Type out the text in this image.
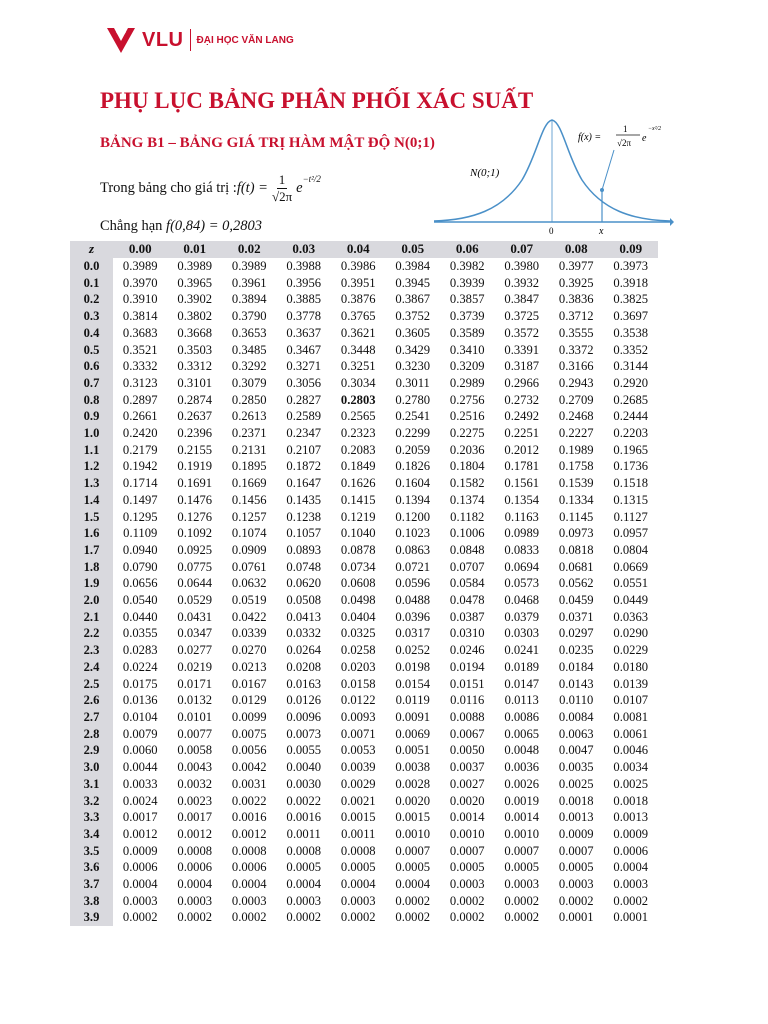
VLU ĐẠI HỌC VĂN LANG
PHỤ LỤC BẢNG PHÂN PHỐI XÁC SUẤT
BẢNG B1 – BẢNG GIÁ TRỊ HÀM MẬT ĐỘ N(0;1)
Trong bảng cho giá trị : $f(t) = \frac{1}{√2\pi}$ e
−t²/2
Chẳng hạn f(0,84) = 0,2803
N(0;1)
f(x) =
1
√2π e
−x²/2
0	x
z	0.00	0.01	0.02	0.03	0.04	0.05	0.06	0.07	0.08	0.09
0.0	0.3989	0.3989	0.3989	0.3988	0.3986	0.3984	0.3982	0.3980	0.3977	0.3973
0.1	0.3970	0.3965	0.3961	0.3956	0.3951	0.3945	0.3939	0.3932	0.3925	0.3918
0.2	0.3910	0.3902	0.3894	0.3885	0.3876	0.3867	0.3857	0.3847	0.3836	0.3825
0.3	0.3814	0.3802	0.3790	0.3778	0.3765	0.3752	0.3739	0.3725	0.3712	0.3697
0.4	0.3683	0.3668	0.3653	0.3637	0.3621	0.3605	0.3589	0.3572	0.3555	0.3538
0.5	0.3521	0.3503	0.3485	0.3467	0.3448	0.3429	0.3410	0.3391	0.3372	0.3352
0.6	0.3332	0.3312	0.3292	0.3271	0.3251	0.3230	0.3209	0.3187	0.3166	0.3144
0.7	0.3123	0.3101	0.3079	0.3056	0.3034	0.3011	0.2989	0.2966	0.2943	0.2920
0.8	0.2897	0.2874	0.2850	0.2827	0.2803	0.2780	0.2756	0.2732	0.2709	0.2685
0.9	0.2661	0.2637	0.2613	0.2589	0.2565	0.2541	0.2516	0.2492	0.2468	0.2444
1.0	0.2420	0.2396	0.2371	0.2347	0.2323	0.2299	0.2275	0.2251	0.2227	0.2203
1.1	0.2179	0.2155	0.2131	0.2107	0.2083	0.2059	0.2036	0.2012	0.1989	0.1965
1.2	0.1942	0.1919	0.1895	0.1872	0.1849	0.1826	0.1804	0.1781	0.1758	0.1736
1.3	0.1714	0.1691	0.1669	0.1647	0.1626	0.1604	0.1582	0.1561	0.1539	0.1518
1.4	0.1497	0.1476	0.1456	0.1435	0.1415	0.1394	0.1374	0.1354	0.1334	0.1315
1.5	0.1295	0.1276	0.1257	0.1238	0.1219	0.1200	0.1182	0.1163	0.1145	0.1127
1.6	0.1109	0.1092	0.1074	0.1057	0.1040	0.1023	0.1006	0.0989	0.0973	0.0957
1.7	0.0940	0.0925	0.0909	0.0893	0.0878	0.0863	0.0848	0.0833	0.0818	0.0804
1.8	0.0790	0.0775	0.0761	0.0748	0.0734	0.0721	0.0707	0.0694	0.0681	0.0669
1.9	0.0656	0.0644	0.0632	0.0620	0.0608	0.0596	0.0584	0.0573	0.0562	0.0551
2.0	0.0540	0.0529	0.0519	0.0508	0.0498	0.0488	0.0478	0.0468	0.0459	0.0449
2.1	0.0440	0.0431	0.0422	0.0413	0.0404	0.0396	0.0387	0.0379	0.0371	0.0363
2.2	0.0355	0.0347	0.0339	0.0332	0.0325	0.0317	0.0310	0.0303	0.0297	0.0290
2.3	0.0283	0.0277	0.0270	0.0264	0.0258	0.0252	0.0246	0.0241	0.0235	0.0229
2.4	0.0224	0.0219	0.0213	0.0208	0.0203	0.0198	0.0194	0.0189	0.0184	0.0180
2.5	0.0175	0.0171	0.0167	0.0163	0.0158	0.0154	0.0151	0.0147	0.0143	0.0139
2.6	0.0136	0.0132	0.0129	0.0126	0.0122	0.0119	0.0116	0.0113	0.0110	0.0107
2.7	0.0104	0.0101	0.0099	0.0096	0.0093	0.0091	0.0088	0.0086	0.0084	0.0081
2.8	0.0079	0.0077	0.0075	0.0073	0.0071	0.0069	0.0067	0.0065	0.0063	0.0061
2.9	0.0060	0.0058	0.0056	0.0055	0.0053	0.0051	0.0050	0.0048	0.0047	0.0046
3.0	0.0044	0.0043	0.0042	0.0040	0.0039	0.0038	0.0037	0.0036	0.0035	0.0034
3.1	0.0033	0.0032	0.0031	0.0030	0.0029	0.0028	0.0027	0.0026	0.0025	0.0025
3.2	0.0024	0.0023	0.0022	0.0022	0.0021	0.0020	0.0020	0.0019	0.0018	0.0018
3.3	0.0017	0.0017	0.0016	0.0016	0.0015	0.0015	0.0014	0.0014	0.0013	0.0013
3.4	0.0012	0.0012	0.0012	0.0011	0.0011	0.0010	0.0010	0.0010	0.0009	0.0009
3.5	0.0009	0.0008	0.0008	0.0008	0.0008	0.0007	0.0007	0.0007	0.0007	0.0006
3.6	0.0006	0.0006	0.0006	0.0005	0.0005	0.0005	0.0005	0.0005	0.0005	0.0004
3.7	0.0004	0.0004	0.0004	0.0004	0.0004	0.0004	0.0003	0.0003	0.0003	0.0003
3.8	0.0003	0.0003	0.0003	0.0003	0.0003	0.0002	0.0002	0.0002	0.0002	0.0002
3.9	0.0002	0.0002	0.0002	0.0002	0.0002	0.0002	0.0002	0.0002	0.0001	0.0001
